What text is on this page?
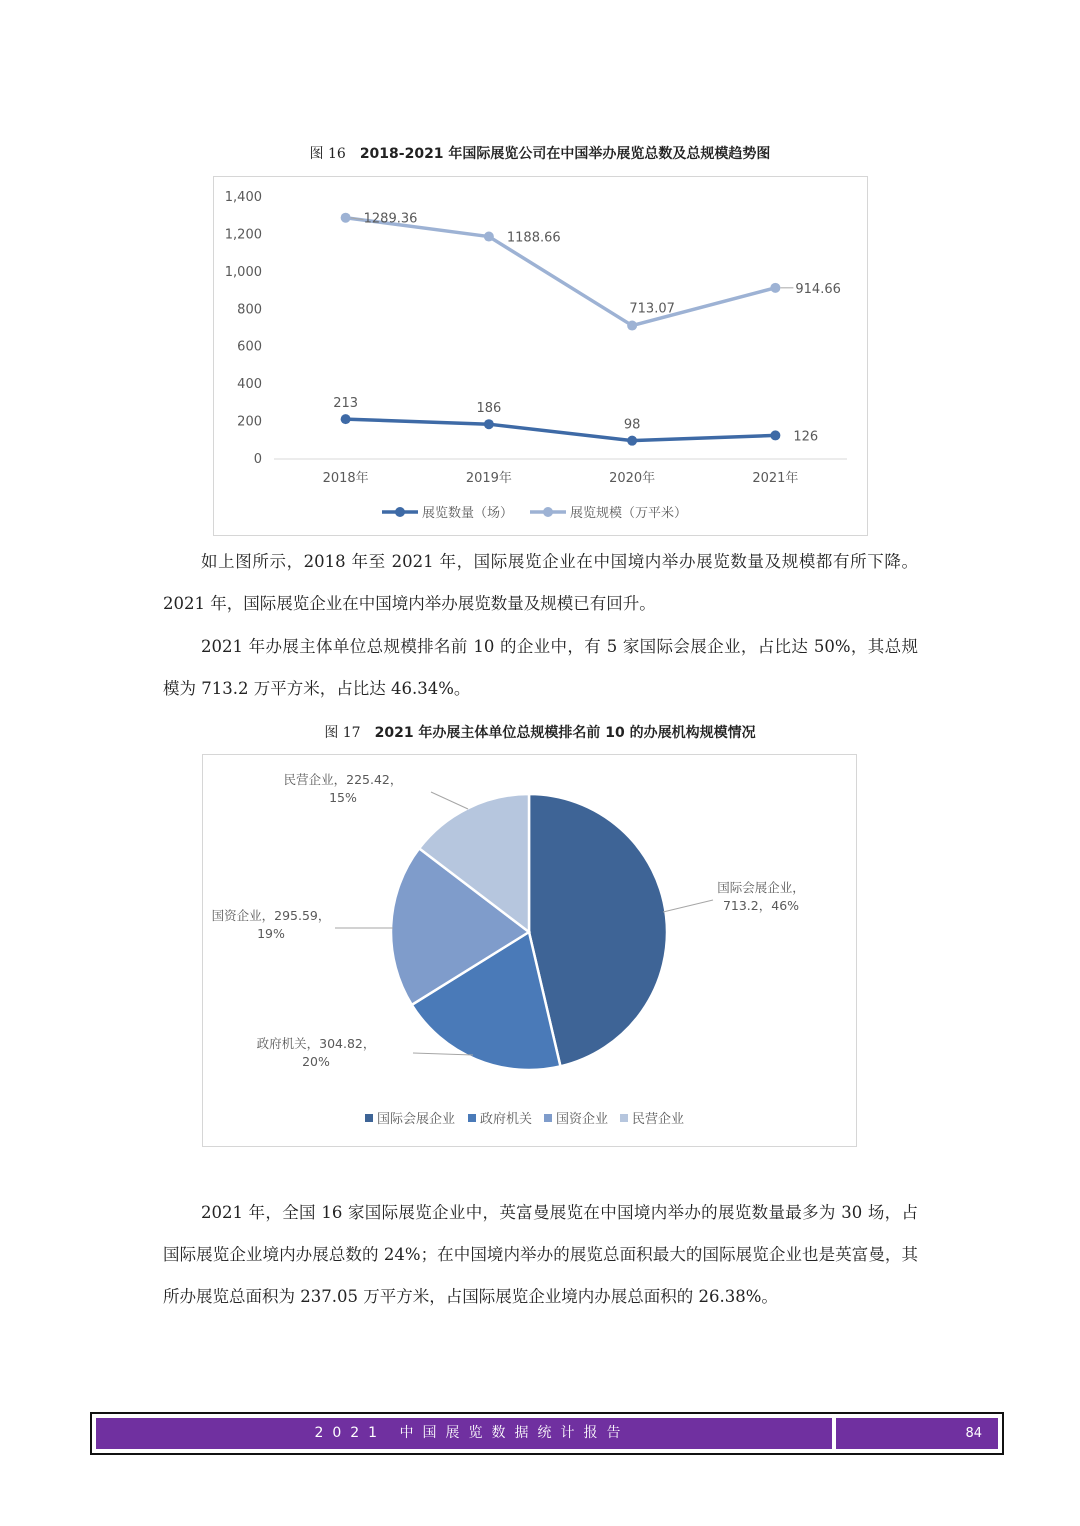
图 16 2018-2021 年国际展览公司在中国举办展览总数及总规模趋势图
0
200
400
600
800
1,000
1,200
1,400
2018年	2019年	2020年	2021年
213	186
98
126
1289.36
1188.66
713.07
914.66
展览数量（场）	展览规模（万平米）

如上图所示，2018 年至 2021 年，国际展览企业在中国境内举办展览数量及规模都有所下降。2021 年，国际展览企业在中国境内举办展览数量及规模已有回升。

2021 年办展主体单位总规模排名前 10 的企业中，有 5 家国际会展企业，占比达 50%，其总规模为 713.2 万平方米，占比达 46.34%。

图 17 2021 年办展主体单位总规模排名前 10 的办展机构规模情况
国际会展企业， 713.2，46%
政府机关，304.82， 20%
国资企业，295.59， 19%
民营企业，225.42， 15%
国际会展企业 政府机关 国资企业 民营企业

2021 年，全国 16 家国际展览企业中，英富曼展览在中国境内举办的展览数量最多为 30 场，占国际展览企业境内办展总数的 24%；在中国境内举办的展览总面积最大的国际展览企业也是英富曼，其所办展览总面积为 237.05 万平方米，占国际展览企业境内办展总面积的 26.38%。

2021 中国展览数据统计报告	84
